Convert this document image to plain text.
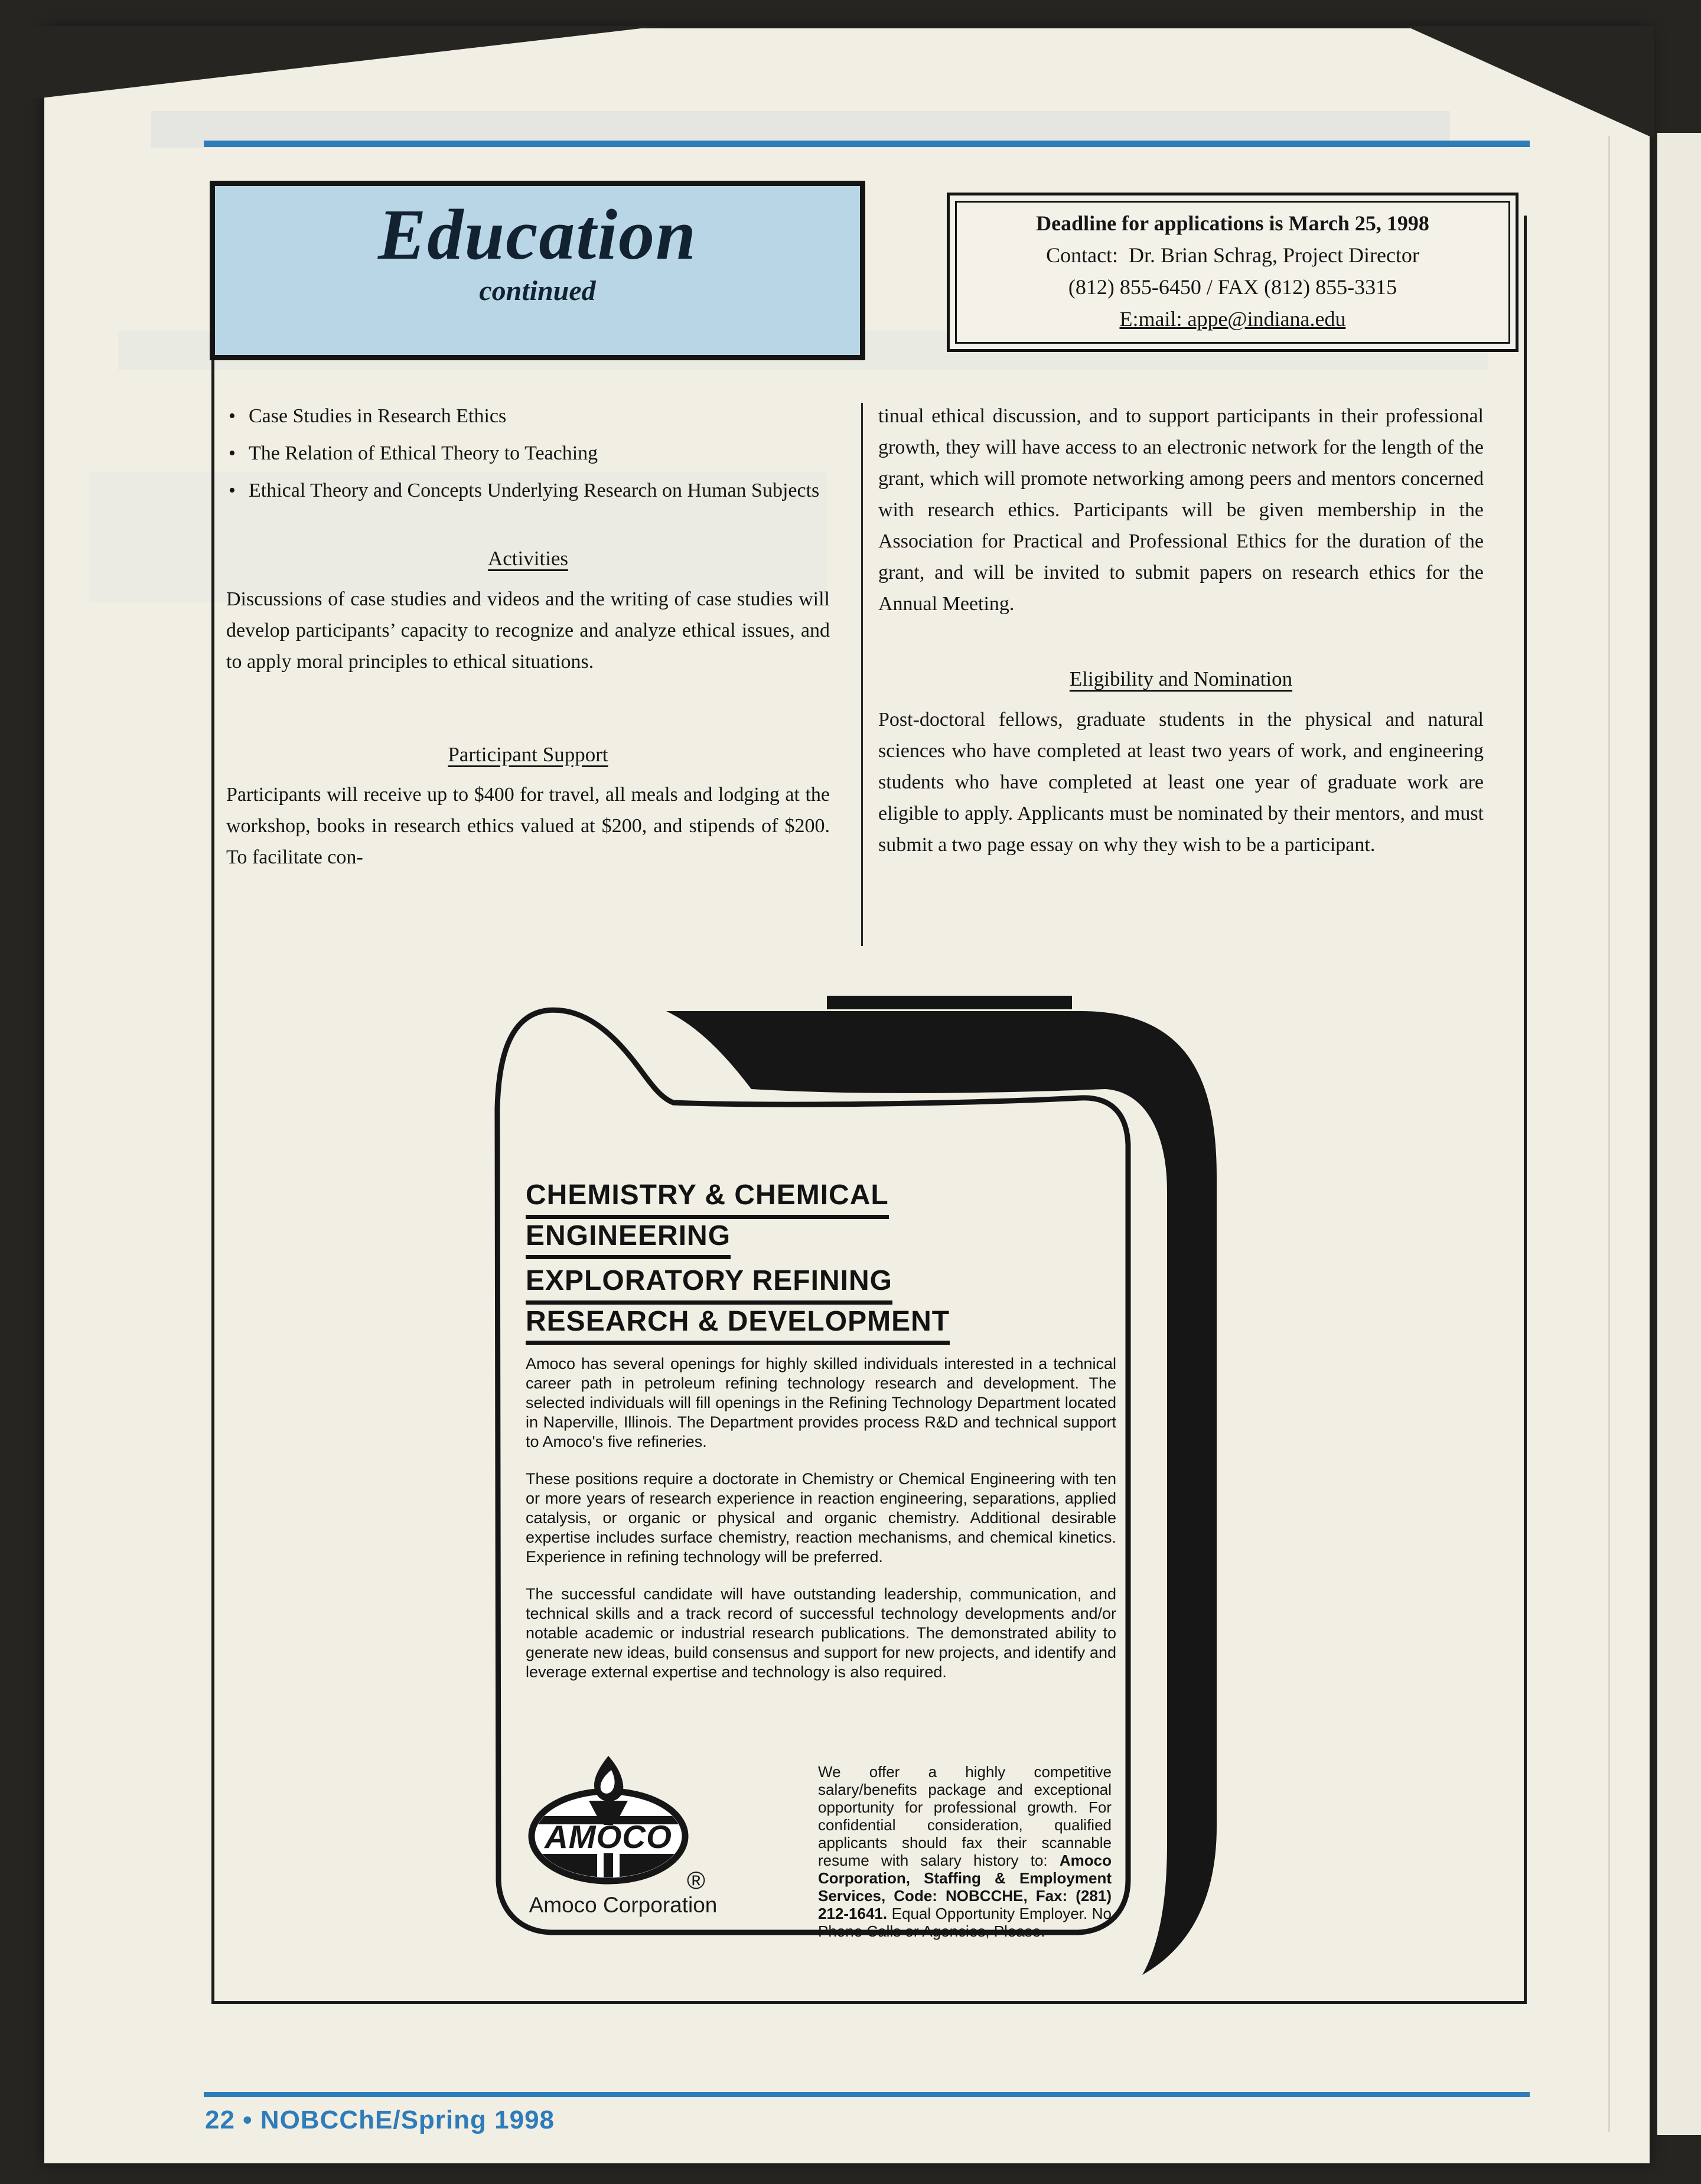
Education
continued
Deadline for applications is March 25, 1998
Contact:  Dr. Brian Schrag, Project Director
(812) 855-6450 / FAX (812) 855-3315
E:mail: appe@indiana.edu
• Case Studies in Research Ethics
• The Relation of Ethical Theory to Teaching
• Ethical Theory and Concepts Underlying Research on Human Subjects
Activities
Discussions of case studies and videos and the writing of case studies will develop participants’ capacity to recognize and analyze ethical issues, and to apply moral principles to ethical situations.
Participant Support
Participants will receive up to $400 for travel, all meals and lodging at the workshop, books in research ethics valued at $200, and stipends of $200. To facilitate con-
tinual ethical discussion, and to support participants in their professional growth, they will have access to an electronic network for the length of the grant, which will promote networking among peers and mentors concerned with research ethics. Participants will be given membership in the Association for Practical and Professional Ethics for the duration of the grant, and will be invited to submit papers on research ethics for the Annual Meeting.
Eligibility and Nomination
Post-doctoral fellows, graduate students in the physical and natural sciences who have completed at least two years of work, and engineering students who have completed at least one year of graduate work are eligible to apply. Applicants must be nominated by their mentors, and must submit a two page essay on why they wish to be a participant.
CHEMISTRY & CHEMICAL
ENGINEERING
EXPLORATORY REFINING
RESEARCH & DEVELOPMENT

Amoco has several openings for highly skilled individuals interested in a technical career path in petroleum refining technology research and development. The selected individuals will fill openings in the Refining Technology Department located in Naperville, Illinois. The Department provides process R&D and technical support to Amoco's five refineries.

These positions require a doctorate in Chemistry or Chemical Engineering with ten or more years of research experience in reaction engineering, separations, applied catalysis, or organic or physical and organic chemistry. Additional desirable expertise includes surface chemistry, reaction mechanisms, and chemical kinetics. Experience in refining technology will be preferred.

The successful candidate will have outstanding leadership, communication, and technical skills and a track record of successful technology developments and/or notable academic or industrial research publications. The demonstrated ability to generate new ideas, build consensus and support for new projects, and identify and leverage external expertise and technology is also required.

We offer a highly competitive salary/benefits package and exceptional opportunity for professional growth. For confidential consideration, qualified applicants should fax their scannable resume with salary history to: Amoco Corporation, Staffing & Employment Services, Code: NOBCCHE, Fax: (281) 212-1641. Equal Opportunity Employer. No Phone Calls or Agencies, Please.
AMOCO
®
Amoco Corporation
22 • NOBCChE/Spring 1998
